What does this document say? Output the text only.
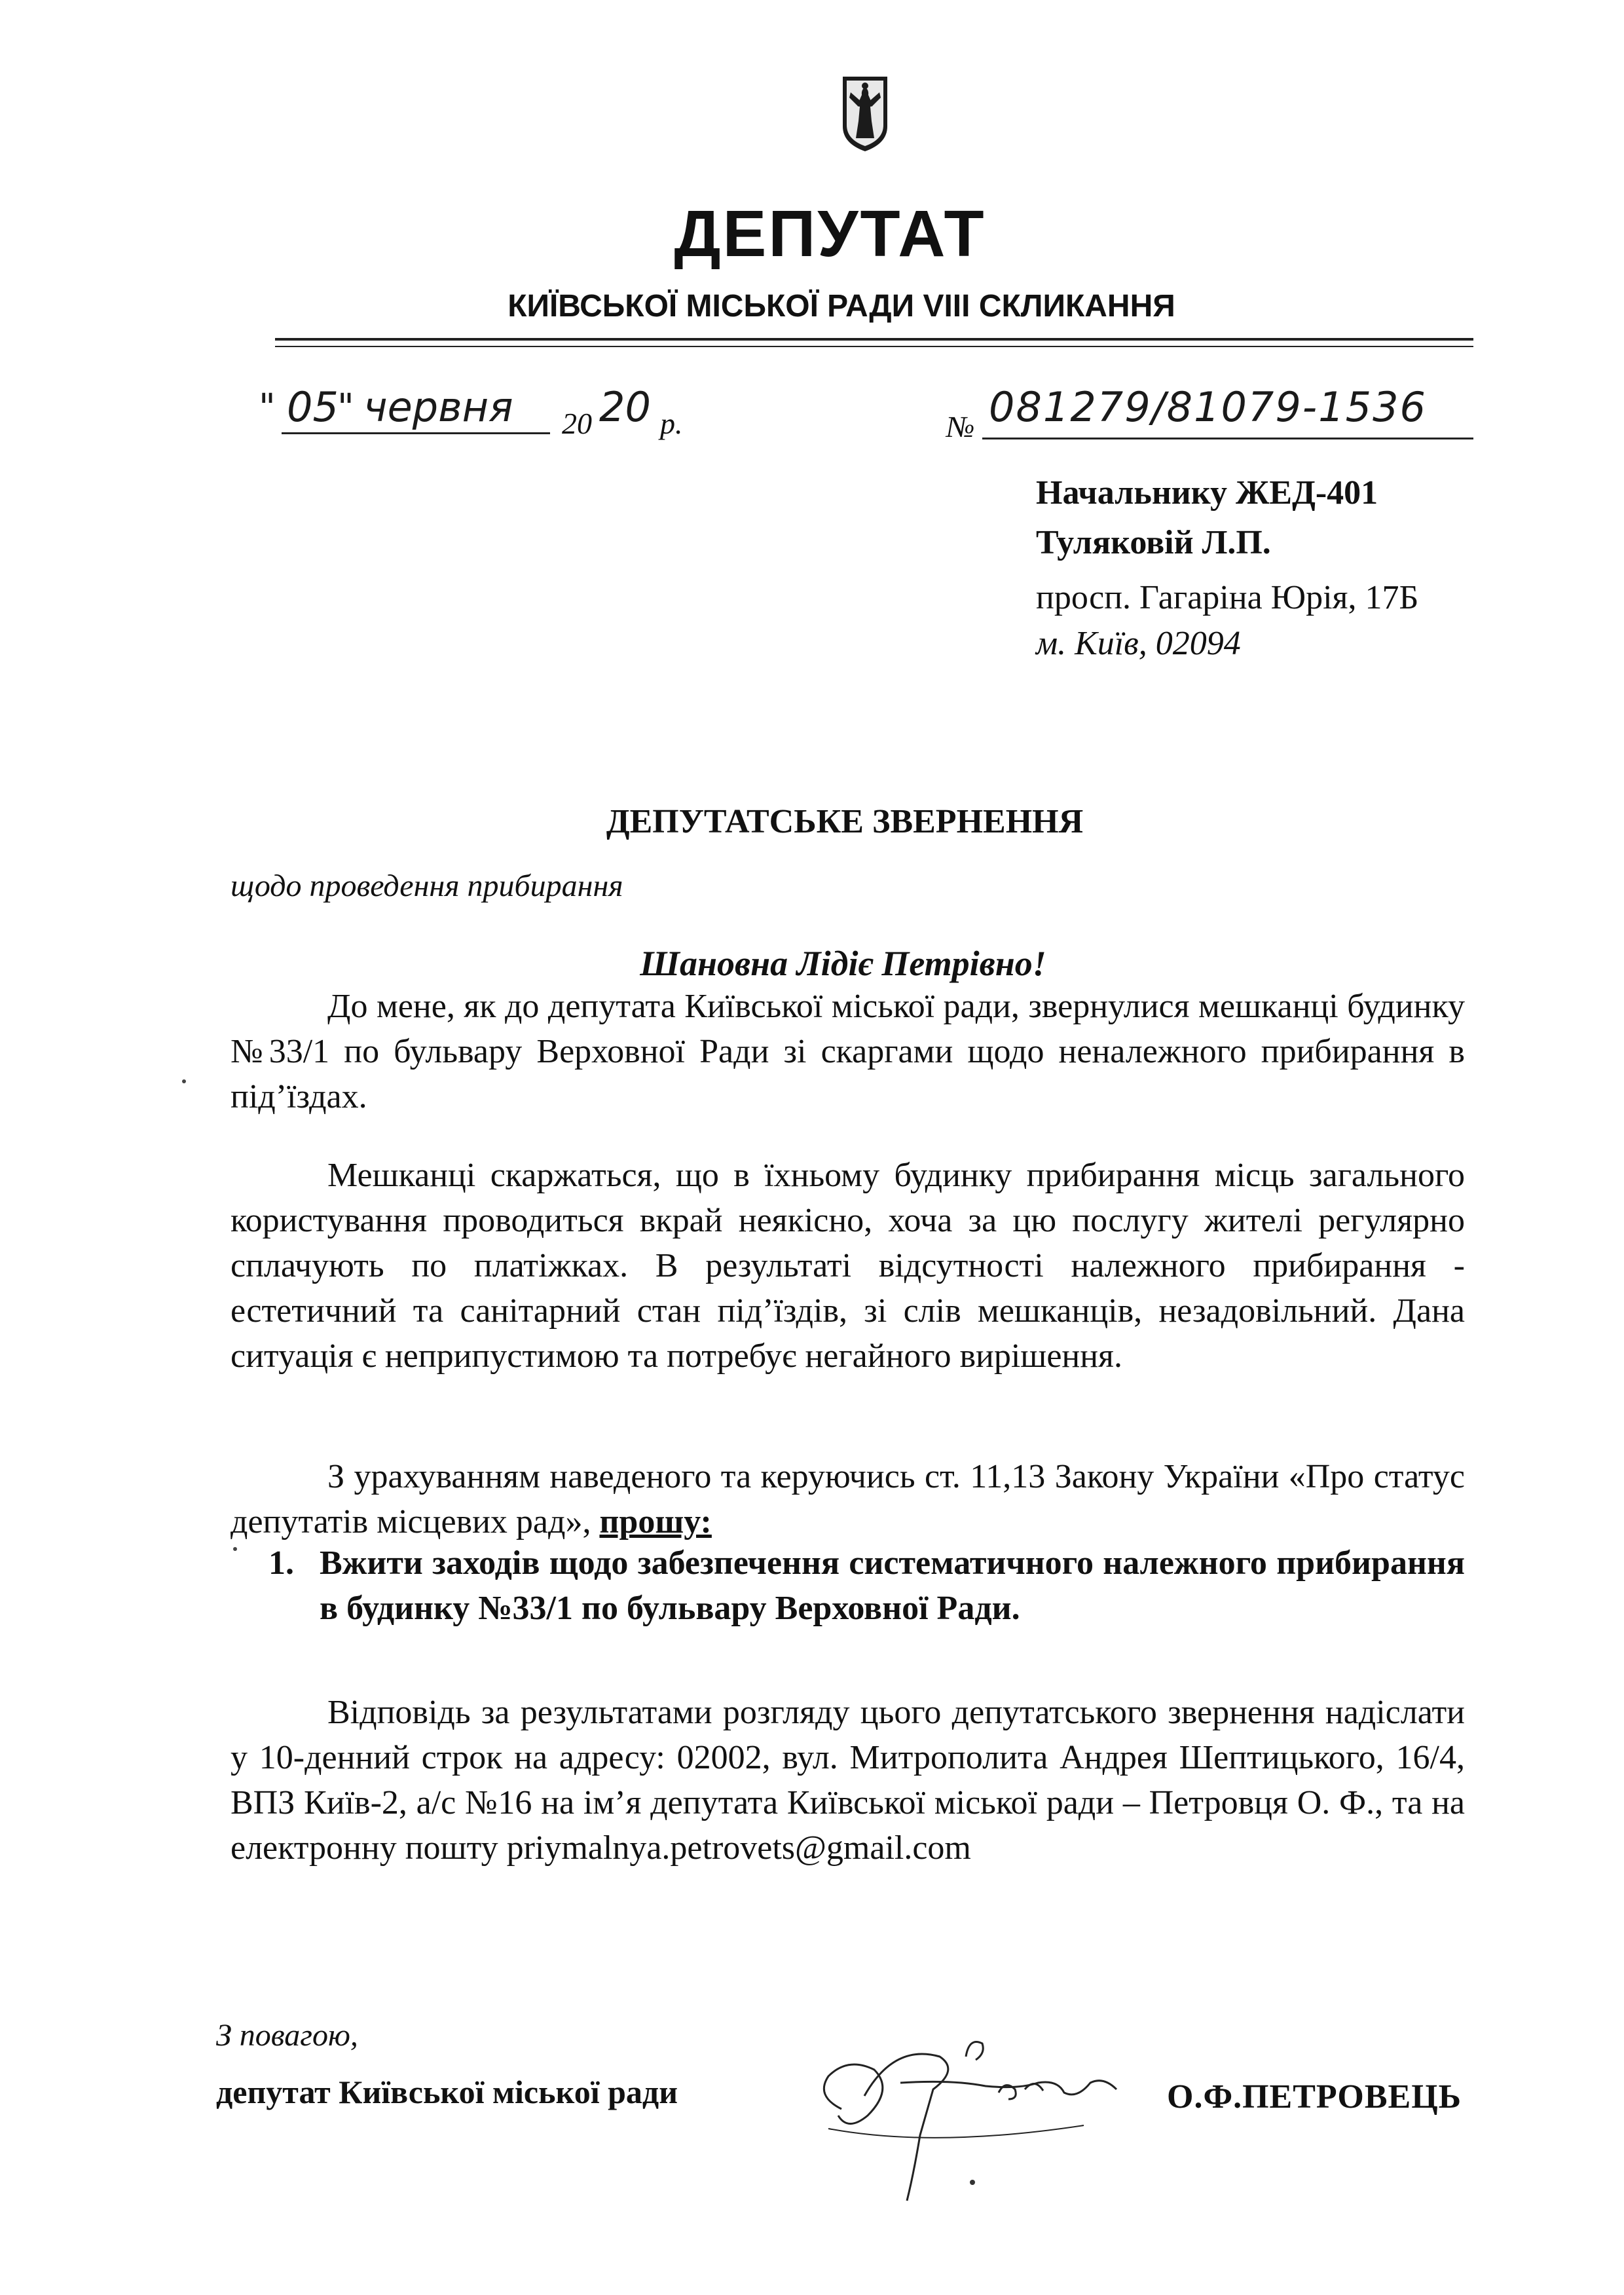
ДЕПУТАТ
КИЇВСЬКОЇ МІСЬКОЇ РАДИ VIII СКЛИКАННЯ
" 05
" червня 20 20 р.	№ 081279/81079-1536
Начальнику ЖЕД-401
Туляковій Л.П.
просп. Гагаріна Юрія, 17Б
м. Київ, 02094
ДЕПУТАТСЬКЕ ЗВЕРНЕННЯ
щодо проведення прибирання
Шановна Лідіє Петрівно!

До мене, як до депутата Київської міської ради, звернулися мешканці будинку №33/1 по бульвару Верховної Ради зі скаргами щодо неналежного прибирання в під’їздах.

Мешканці скаржаться, що в їхньому будинку прибирання місць загального користування проводиться вкрай неякісно, хоча за цю послугу жителі регулярно сплачують по платіжках. В результаті відсутності належного прибирання - естетичний та санітарний стан під’їздів, зі слів мешканців, незадовільний. Дана ситуація є неприпустимою та потребує негайного вирішення.

З урахуванням наведеного та керуючись ст. 11,13 Закону України «Про статус депутатів місцевих рад», прошу:

1. Вжити заходів щодо забезпечення систематичного належного прибирання в будинку №33/1 по бульвару Верховної Ради.

Відповідь за результатами розгляду цього депутатського звернення надіслати у 10-денний строк на адресу: 02002, вул. Митрополита Андрея Шептицького, 16/4, ВПЗ Київ-2, а/с №16 на ім’я депутата Київської міської ради – Петровця О. Ф., та на електронну пошту priymalnya.petrovets@gmail.com

З повагою,
депутат Київської міської ради	О.Ф.ПЕТРОВЕЦЬ
